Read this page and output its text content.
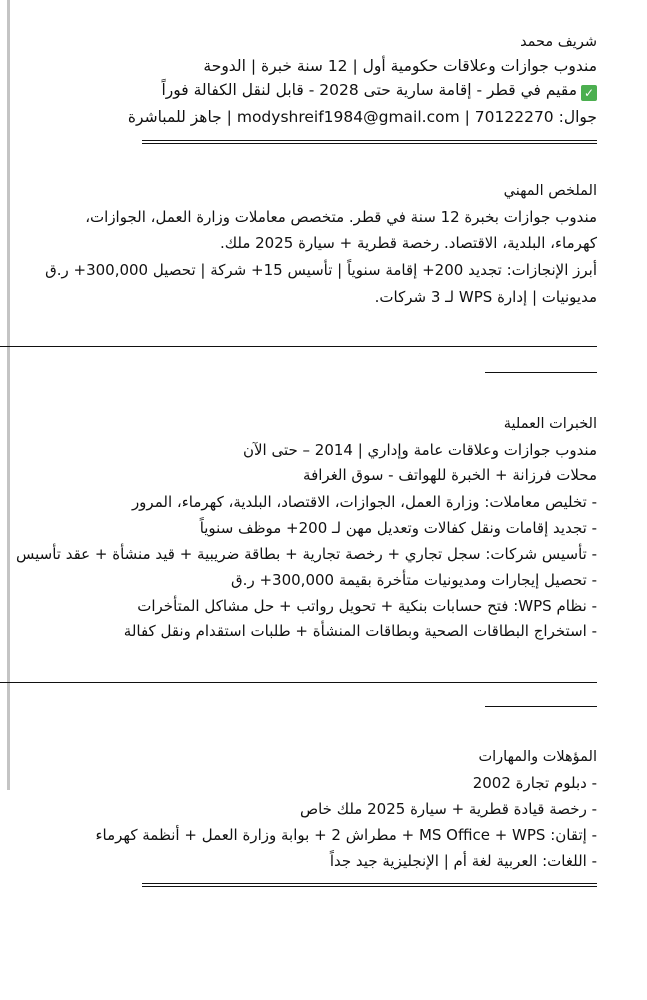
شريف محمد
مندوب جوازات وعلاقات حكومية أول | 12 سنة خبرة | الدوحة
✓مقيم في قطر - إقامة سارية حتى 2028 - قابل لنقل الكفالة فوراً
جوال: 70122270 | modyshreif1984@gmail.com | جاهز للمباشرة
الملخص المهني
مندوب جوازات بخبرة 12 سنة في قطر. متخصص معاملات وزارة العمل، الجوازات،
كهرماء، البلدية، الاقتصاد. رخصة قطرية + سيارة 2025 ملك.
أبرز الإنجازات: تجديد 200+ إقامة سنوياً | تأسيس 15+ شركة | تحصيل 300,000+ ر.ق
مديونيات | إدارة WPS لـ 3 شركات.
الخبرات العملية
مندوب جوازات وعلاقات عامة وإداري | 2014 – حتى الآن
محلات فرزانة + الخبرة للهواتف - سوق الغرافة
- تخليص معاملات: وزارة العمل، الجوازات، الاقتصاد، البلدية، كهرماء، المرور
- تجديد إقامات ونقل كفالات وتعديل مهن لـ 200+ موظف سنوياً
- تأسيس شركات: سجل تجاري + رخصة تجارية + بطاقة ضريبية + قيد منشأة + عقد تأسيس
- تحصيل إيجارات ومديونيات متأخرة بقيمة 300,000+ ر.ق
- نظام WPS: فتح حسابات بنكية + تحويل رواتب + حل مشاكل المتأخرات
- استخراج البطاقات الصحية وبطاقات المنشأة + طلبات استقدام ونقل كفالة
المؤهلات والمهارات
- دبلوم تجارة 2002
- رخصة قيادة قطرية + سيارة 2025 ملك خاص
- إتقان: MS Office + WPS + مطراش 2 + بوابة وزارة العمل + أنظمة كهرماء
- اللغات: العربية لغة أم | الإنجليزية جيد جداً
